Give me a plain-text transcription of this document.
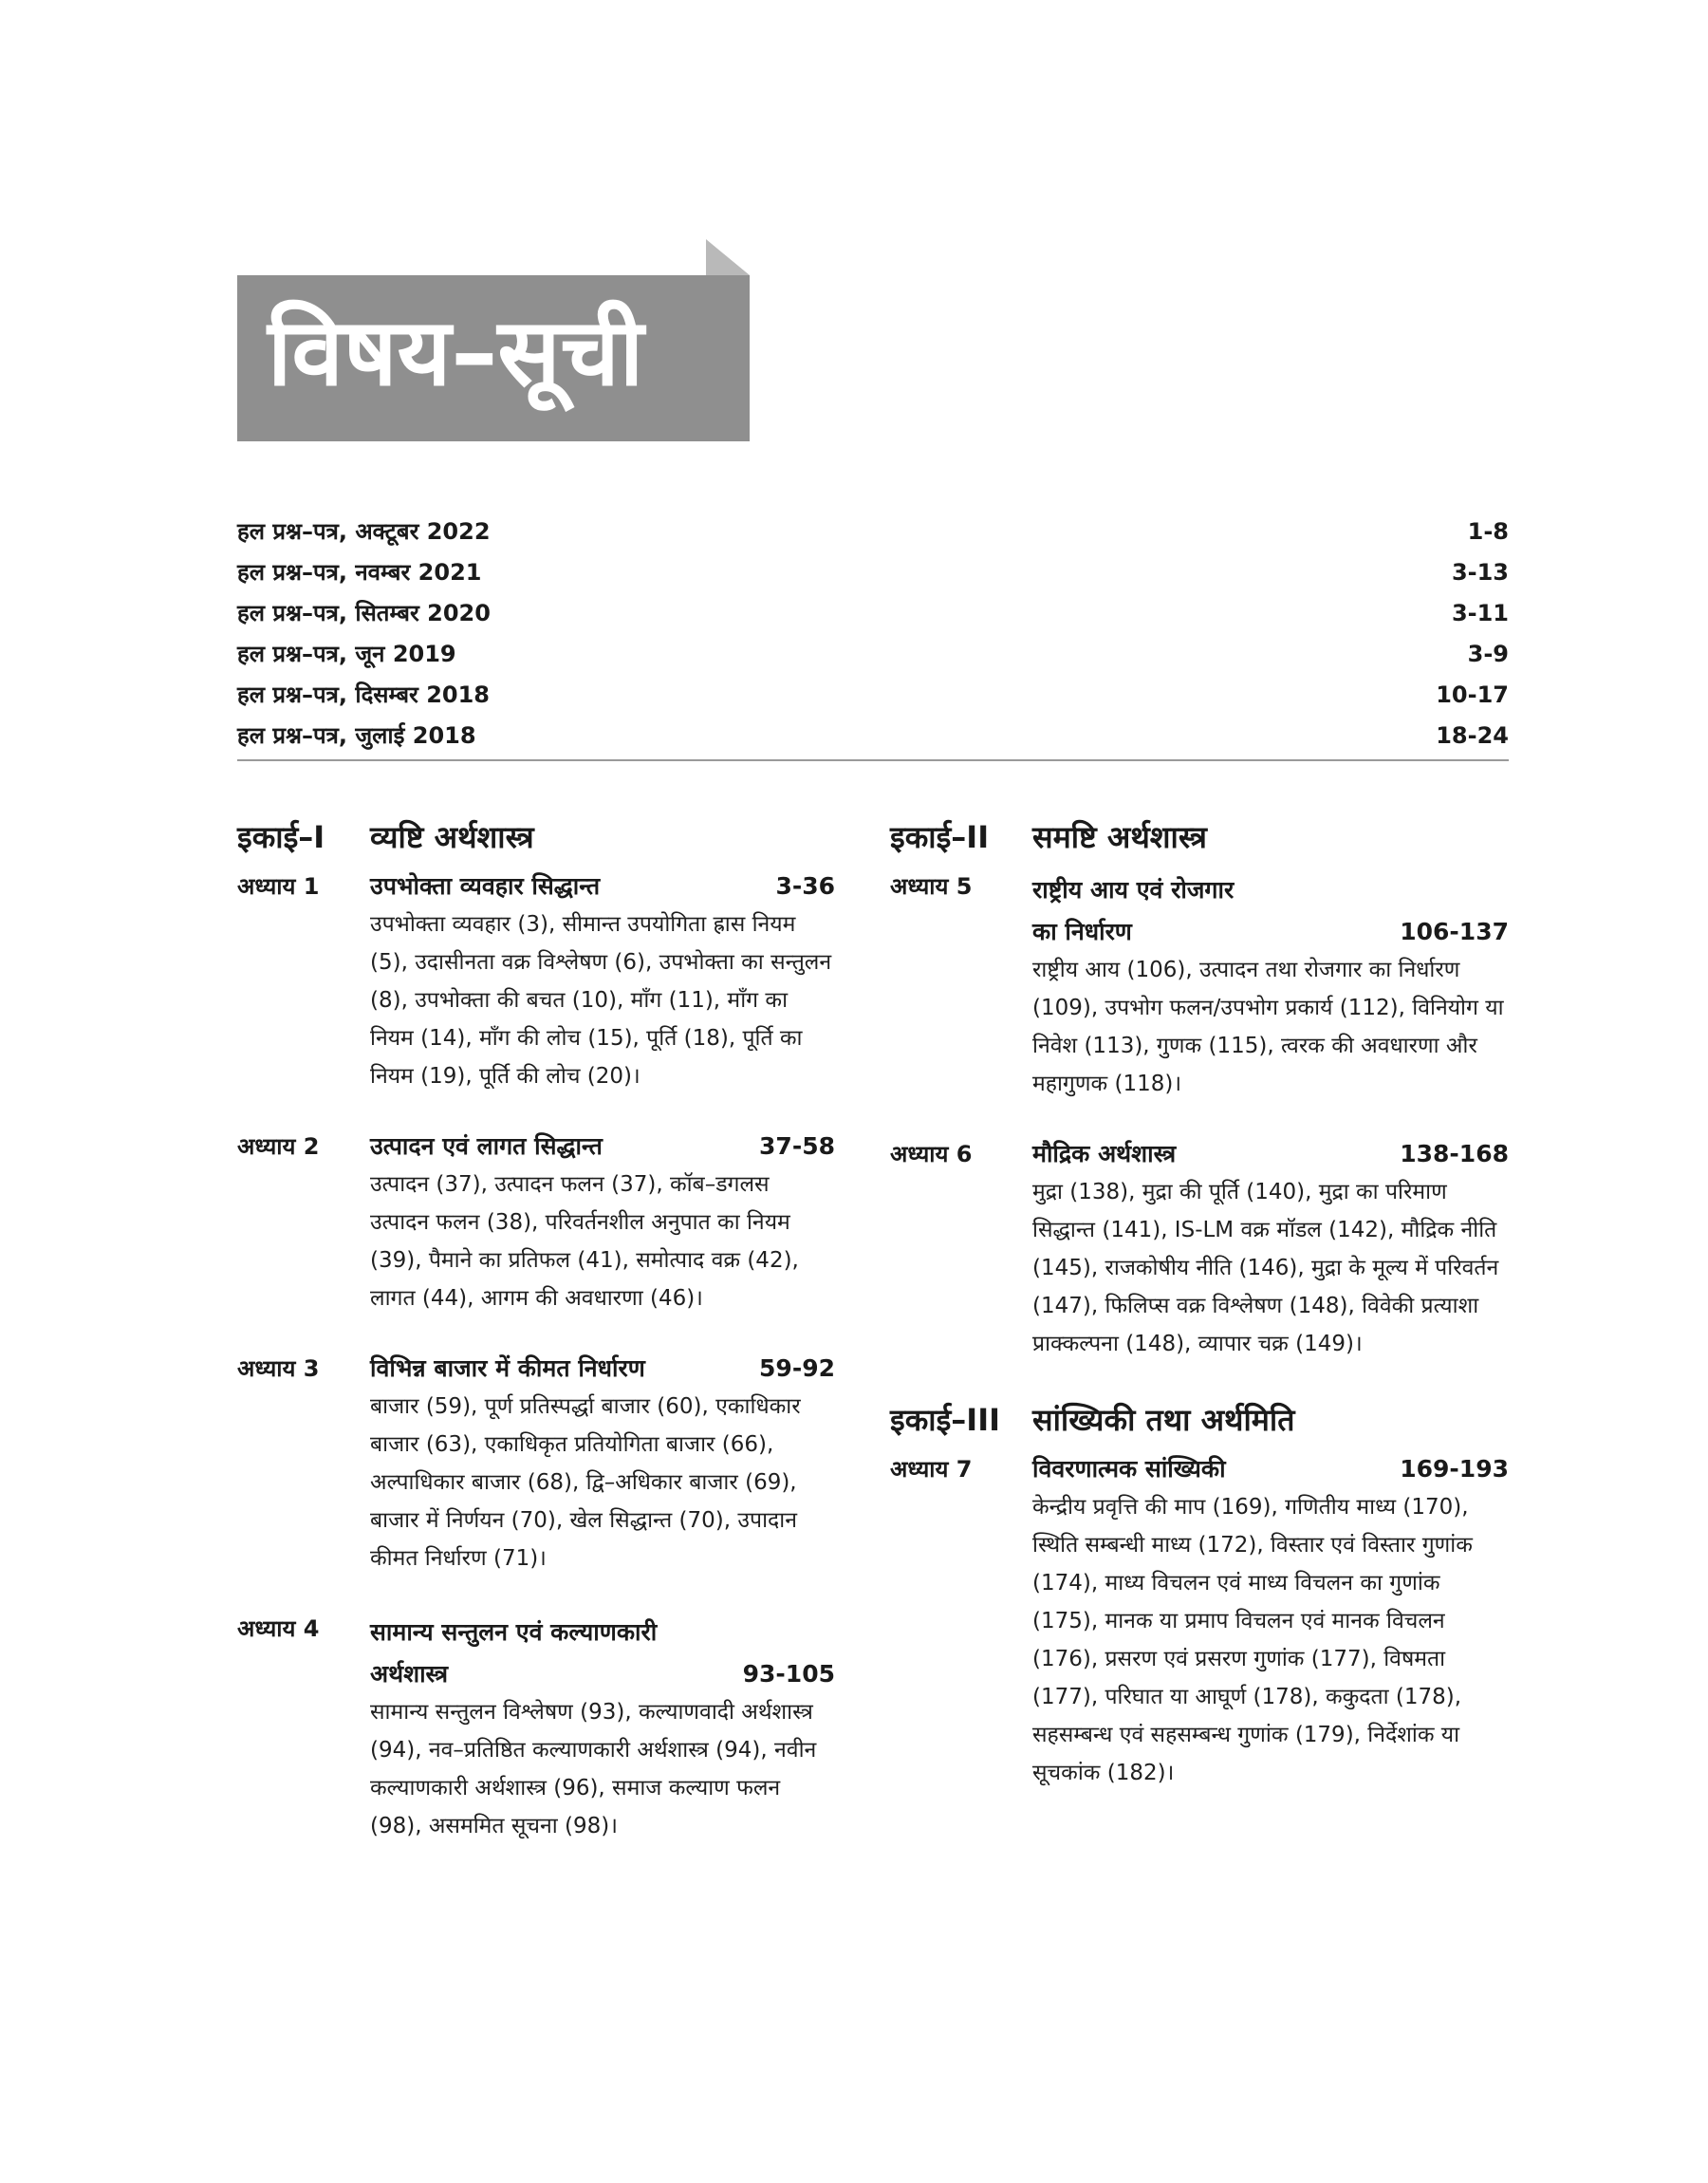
विषय–सूची
हल प्रश्न–पत्र, अक्टूबर 2022	1-8
हल प्रश्न–पत्र, नवम्बर 2021	3-13
हल प्रश्न–पत्र, सितम्बर 2020	3-11
हल प्रश्न–पत्र, जून 2019	3-9
हल प्रश्न–पत्र, दिसम्बर 2018	10-17
हल प्रश्न–पत्र, जुलाई 2018	18-24
इकाई–I	व्यष्टि अर्थशास्त्र
अध्याय 1	उपभोक्ता व्यवहार सिद्धान्त	3-36

उपभोक्ता व्यवहार (3), सीमान्त उपयोगिता ह्रास नियम (5), उदासीनता वक्र विश्लेषण (6), उपभोक्ता का सन्तुलन (8), उपभोक्ता की बचत (10), माँग (11), माँग का नियम (14), माँग की लोच (15), पूर्ति (18), पूर्ति का नियम (19), पूर्ति की लोच (20)।

अध्याय 2	उत्पादन एवं लागत सिद्धान्त	37-58

उत्पादन (37), उत्पादन फलन (37), कॉब–डगलस उत्पादन फलन (38), परिवर्तनशील अनुपात का नियम (39), पैमाने का प्रतिफल (41), समोत्पाद वक्र (42), लागत (44), आगम की अवधारणा (46)।

अध्याय 3	विभिन्न बाजार में कीमत निर्धारण	59-92

बाजार (59), पूर्ण प्रतिस्पर्द्धा बाजार (60), एकाधिकार बाजार (63), एकाधिकृत प्रतियोगिता बाजार (66), अल्पाधिकार बाजार (68), द्वि–अधिकार बाजार (69), बाजार में निर्णयन (70), खेल सिद्धान्त (70), उपादान कीमत निर्धारण (71)।

अध्याय 4	सामान्य सन्तुलन एवं कल्याणकारी
अर्थशास्त्र	93-105

सामान्य सन्तुलन विश्लेषण (93), कल्याणवादी अर्थशास्त्र (94), नव–प्रतिष्ठित कल्याणकारी अर्थशास्त्र (94), नवीन कल्याणकारी अर्थशास्त्र (96), समाज कल्याण फलन (98), असममित सूचना (98)।

इकाई–II	समष्टि अर्थशास्त्र
अध्याय 5	राष्ट्रीय आय एवं रोजगार
का निर्धारण	106-137

राष्ट्रीय आय (106), उत्पादन तथा रोजगार का निर्धारण (109), उपभोग फलन/उपभोग प्रकार्य (112), विनियोग या निवेश (113), गुणक (115), त्वरक की अवधारणा और महागुणक (118)।

अध्याय 6	मौद्रिक अर्थशास्त्र	138-168

मुद्रा (138), मुद्रा की पूर्ति (140), मुद्रा का परिमाण सिद्धान्त (141), IS-LM वक्र मॉडल (142), मौद्रिक नीति (145), राजकोषीय नीति (146), मुद्रा के मूल्य में परिवर्तन (147), फिलिप्स वक्र विश्लेषण (148), विवेकी प्रत्याशा प्राक्कल्पना (148), व्यापार चक्र (149)।

इकाई–III	सांख्यिकी तथा अर्थमिति
अध्याय 7	विवरणात्मक सांख्यिकी	169-193

केन्द्रीय प्रवृत्ति की माप (169), गणितीय माध्य (170), स्थिति सम्बन्धी माध्य (172), विस्तार एवं विस्तार गुणांक (174), माध्य विचलन एवं माध्य विचलन का गुणांक (175), मानक या प्रमाप विचलन एवं मानक विचलन (176), प्रसरण एवं प्रसरण गुणांक (177), विषमता (177), परिघात या आघूर्ण (178), ककुदता (178), सहसम्बन्ध एवं सहसम्बन्ध गुणांक (179), निर्देशांक या सूचकांक (182)।
